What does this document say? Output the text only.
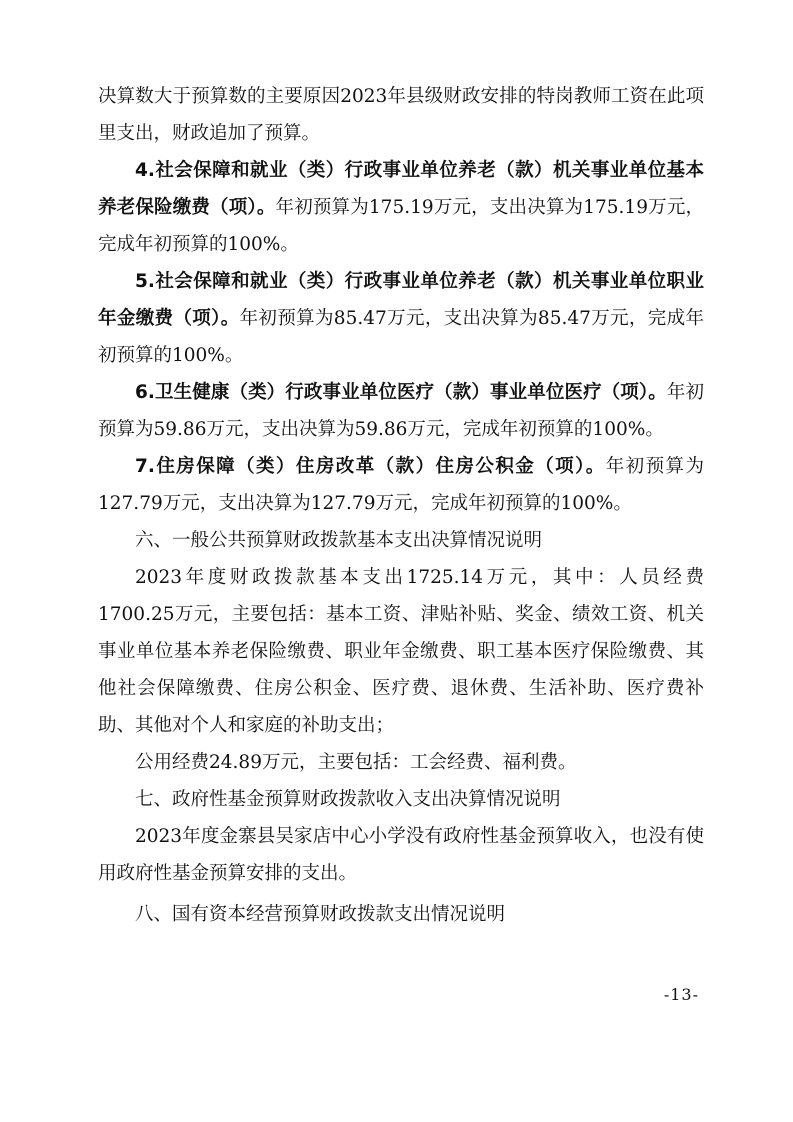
决算数大于预算数的主要原因2023年县级财政安排的特岗教师工资在此项里支出，财政追加了预算。

4.社会保障和就业（类）行政事业单位养老（款）机关事业单位基本养老保险缴费（项）。年初预算为175.19万元，支出决算为175.19万元，完成年初预算的100%。

5.社会保障和就业（类）行政事业单位养老（款）机关事业单位职业年金缴费（项）。年初预算为85.47万元，支出决算为85.47万元，完成年初预算的100%。

6.卫生健康（类）行政事业单位医疗（款）事业单位医疗（项）。年初预算为59.86万元，支出决算为59.86万元，完成年初预算的100%。

7.住房保障（类）住房改革（款）住房公积金（项）。年初预算为127.79万元，支出决算为127.79万元，完成年初预算的100%。

六、一般公共预算财政拨款基本支出决算情况说明

2023年度财政拨款基本支出1725.14万元，其中：人员经费1700.25万元，主要包括：基本工资、津贴补贴、奖金、绩效工资、机关事业单位基本养老保险缴费、职业年金缴费、职工基本医疗保险缴费、其他社会保障缴费、住房公积金、医疗费、退休费、生活补助、医疗费补助、其他对个人和家庭的补助支出；

公用经费24.89万元，主要包括：工会经费、福利费。

七、政府性基金预算财政拨款收入支出决算情况说明

2023年度金寨县吴家店中心小学没有政府性基金预算收入，也没有使用政府性基金预算安排的支出。

八、国有资本经营预算财政拨款支出情况说明
-13-
